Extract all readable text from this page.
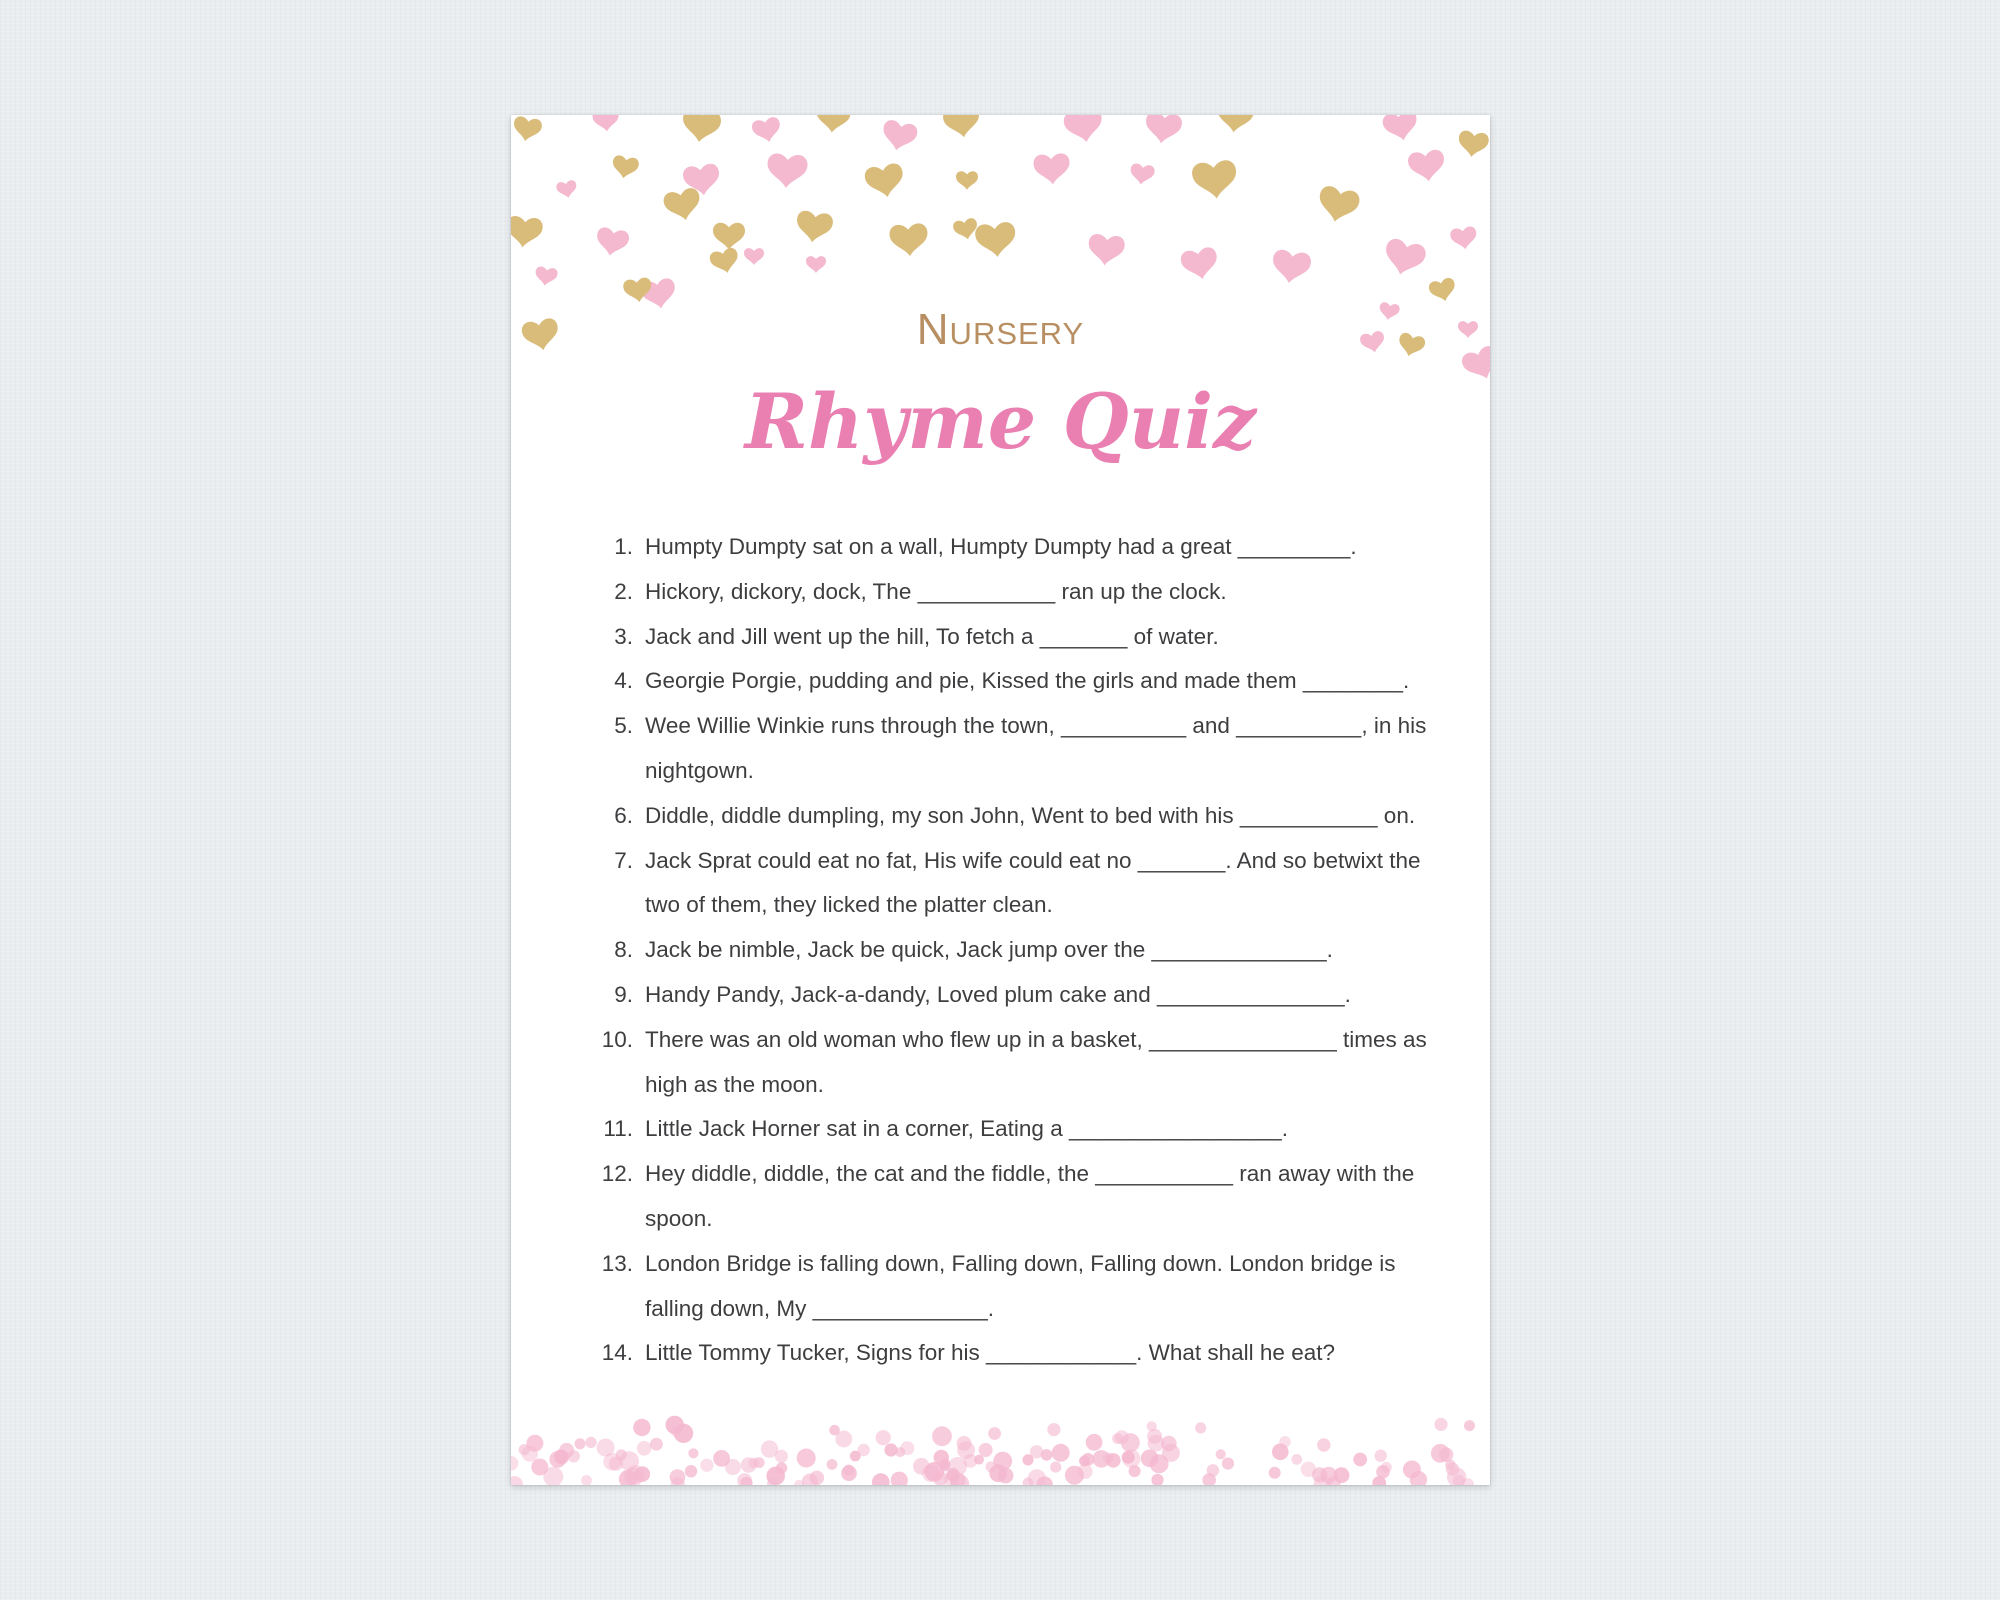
Nursery
Rhyme Quiz
1. Humpty Dumpty sat on a wall, Humpty Dumpty had a great _________.
2. Hickory, dickory, dock, The ___________ ran up the clock.
3. Jack and Jill went up the hill, To fetch a _______ of water.
4. Georgie Porgie, pudding and pie, Kissed the girls and made them ________.
5. Wee Willie Winkie runs through the town, __________ and __________, in his nightgown.
6. Diddle, diddle dumpling, my son John, Went to bed with his ___________ on.
7. Jack Sprat could eat no fat, His wife could eat no _______. And so betwixt the two of them, they licked the platter clean.
8. Jack be nimble, Jack be quick, Jack jump over the ______________.
9. Handy Pandy, Jack-a-dandy, Loved plum cake and _______________.
10. There was an old woman who flew up in a basket, _______________ times as high as the moon.
11. Little Jack Horner sat in a corner, Eating a _________________.
12. Hey diddle, diddle, the cat and the fiddle, the ___________ ran away with the spoon.
13. London Bridge is falling down, Falling down, Falling down. London bridge is falling down, My ______________.
14. Little Tommy Tucker, Signs for his ____________. What shall he eat?
